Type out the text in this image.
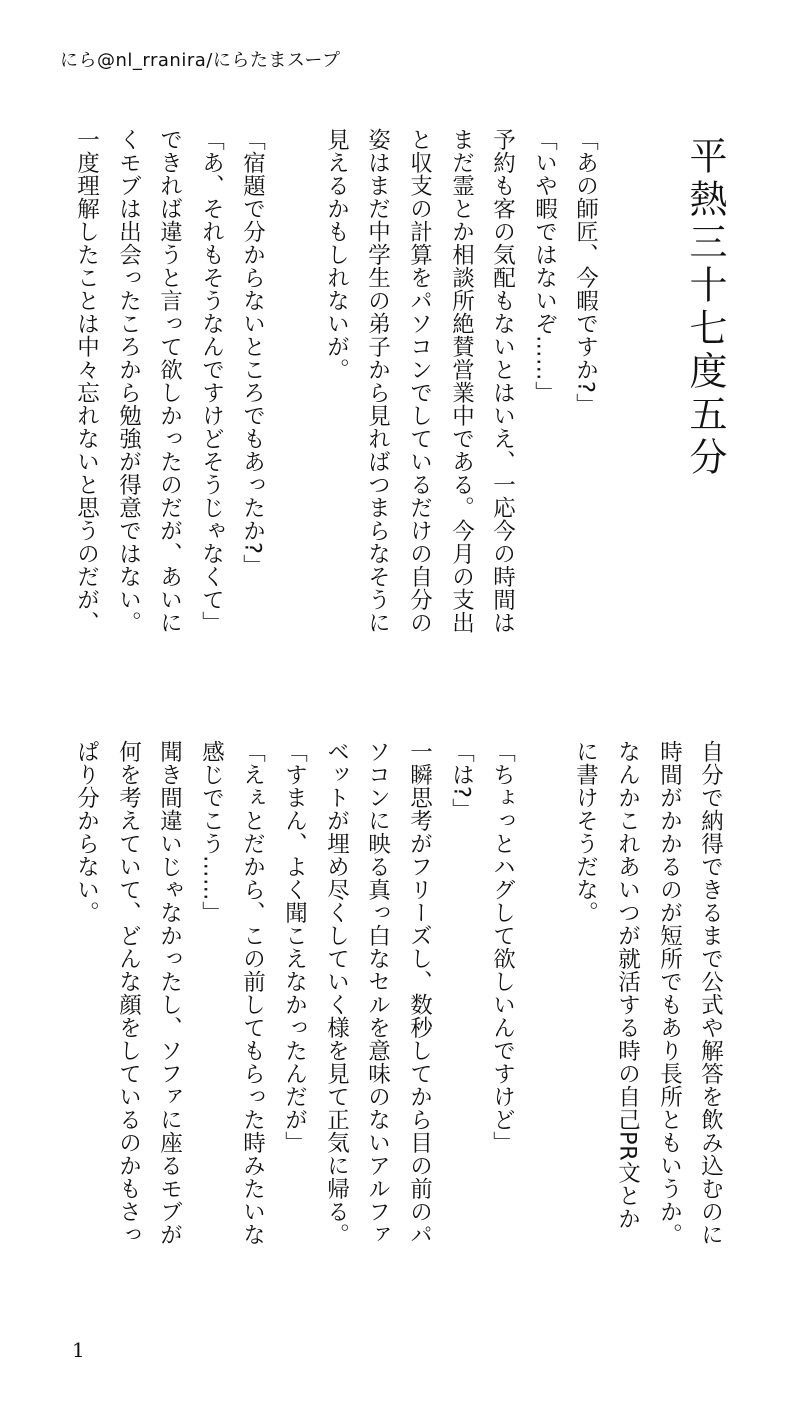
にら@nl_rranira/にらたまスープ
平熱三十七度五分
「あの師匠、今暇ですか?」
「いや暇ではないぞ……」
予約も客の気配もないとはいえ、一応今の時間は
まだ霊とか相談所絶賛営業中である。今月の支出
と収支の計算をパソコンでしているだけの自分の
姿はまだ中学生の弟子から見ればつまらなそうに
見えるかもしれないが。
「宿題で分からないところでもあったか?」
「あ、それもそうなんですけどそうじゃなくて」
できれば違うと言って欲しかったのだが、あいに
くモブは出会ったころから勉強が得意ではない。
一度理解したことは中々忘れないと思うのだが、
自分で納得できるまで公式や解答を飲み込むのに
時間がかかるのが短所でもあり長所ともいうか。
なんかこれあいつが就活する時の自己PR文とか
に書けそうだな。
「ちょっとハグして欲しいんですけど」
「は?」
一瞬思考がフリーズし、数秒してから目の前のパ
ソコンに映る真っ白なセルを意味のないアルファ
ベットが埋め尽くしていく様を見て正気に帰る。
「すまん、よく聞こえなかったんだが」
「えぇとだから、この前してもらった時みたいな
感じでこう……」
聞き間違いじゃなかったし、ソファに座るモブが
何を考えていて、どんな顔をしているのかもさっ
ぱり分からない。
1
